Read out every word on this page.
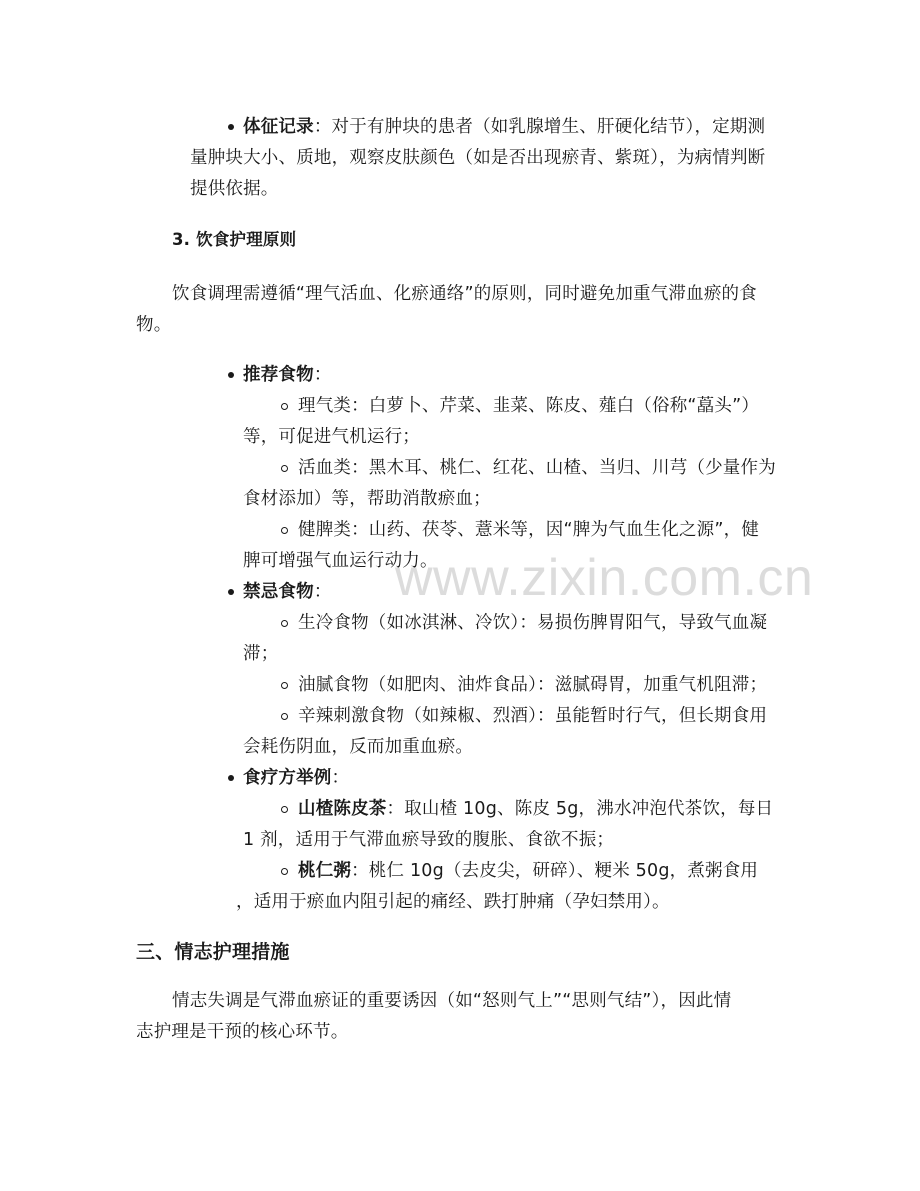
体征记录：对于有肿块的患者（如乳腺增生、肝硬化结节），定期测
量肿块大小、质地，观察皮肤颜色（如是否出现瘀青、紫斑），为病情判断
提供依据。
3. 饮食护理原则
饮食调理需遵循“理气活血、化瘀通络”的原则，同时避免加重气滞血瘀的食
物。
推荐食物：
理气类：白萝卜、芹菜、韭菜、陈皮、薤白（俗称“藠头”）
等，可促进气机运行；
活血类：黑木耳、桃仁、红花、山楂、当归、川芎（少量作为
食材添加）等，帮助消散瘀血；
健脾类：山药、茯苓、薏米等，因“脾为气血生化之源”，健
脾可增强气血运行动力。
www.zixin.com.cn
禁忌食物：
生冷食物（如冰淇淋、冷饮）：易损伤脾胃阳气，导致气血凝
滞；
油腻食物（如肥肉、油炸食品）：滋腻碍胃，加重气机阻滞；
辛辣刺激食物（如辣椒、烈酒）：虽能暂时行气，但长期食用
会耗伤阴血，反而加重血瘀。
食疗方举例：
山楂陈皮茶：取山楂 10g、陈皮 5g，沸水冲泡代茶饮，每日
1 剂，适用于气滞血瘀导致的腹胀、食欲不振；
桃仁粥：桃仁 10g（去皮尖，研碎）、粳米 50g，煮粥食用
，适用于瘀血内阻引起的痛经、跌打肿痛（孕妇禁用）。
三、情志护理措施
情志失调是气滞血瘀证的重要诱因（如“怒则气上”“思则气结”），因此情
志护理是干预的核心环节。
